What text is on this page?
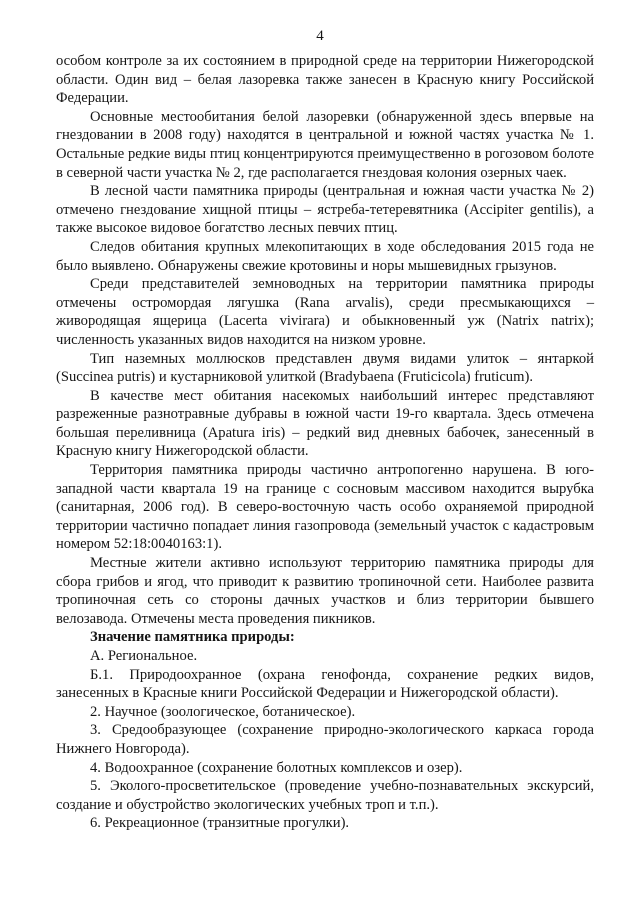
4

особом контроле за их состоянием в природной среде на территории Нижегородской области. Один вид – белая лазоревка также занесен в Красную книгу Российской Федерации.

Основные местообитания белой лазоревки (обнаруженной здесь впервые на гнездовании в 2008 году) находятся в центральной и южной частях участка № 1. Остальные редкие виды птиц концентрируются преимущественно в рогозовом болоте в северной части участка № 2, где располагается гнездовая колония озерных чаек.

В лесной части памятника природы (центральная и южная части участка № 2) отмечено гнездование хищной птицы – ястреба-тетеревятника (Accipiter gentilis), а также высокое видовое богатство лесных певчих птиц.

Следов обитания крупных млекопитающих в ходе обследования 2015 года не было выявлено. Обнаружены свежие кротовины и норы мышевидных грызунов.

Среди представителей земноводных на территории памятника природы отмечены остромордая лягушка (Rana arvalis), среди пресмыкающихся – живородящая ящерица (Lacerta vivirara) и обыкновенный уж (Natrix natrix); численность указанных видов находится на низком уровне.

Тип наземных моллюсков представлен двумя видами улиток – янтаркой (Succinea putris) и кустарниковой улиткой (Bradybaena (Fruticicola) fruticum).

В качестве мест обитания насекомых наибольший интерес представляют разреженные разнотравные дубравы в южной части 19-го квартала. Здесь отмечена большая переливница (Apatura iris) – редкий вид дневных бабочек, занесенный в Красную книгу Нижегородской области.

Территория памятника природы частично антропогенно нарушена. В юго-западной части квартала 19 на границе с сосновым массивом находится вырубка (санитарная, 2006 год). В северо-восточную часть особо охраняемой природной территории частично попадает линия газопровода (земельный участок с кадастровым номером 52:18:0040163:1).

Местные жители активно используют территорию памятника природы для сбора грибов и ягод, что приводит к развитию тропиночной сети. Наиболее развита тропиночная сеть со стороны дачных участков и близ территории бывшего велозавода. Отмечены места проведения пикников.

Значение памятника природы:

А. Региональное.

Б.1. Природоохранное (охрана генофонда, сохранение редких видов, занесенных в Красные книги Российской Федерации и Нижегородской области).

2. Научное (зоологическое, ботаническое).

3. Средообразующее (сохранение природно-экологического каркаса города Нижнего Новгорода).

4. Водоохранное (сохранение болотных комплексов и озер).

5. Эколого-просветительское (проведение учебно-познавательных экскурсий, создание и обустройство экологических учебных троп и т.п.).

6. Рекреационное (транзитные прогулки).
